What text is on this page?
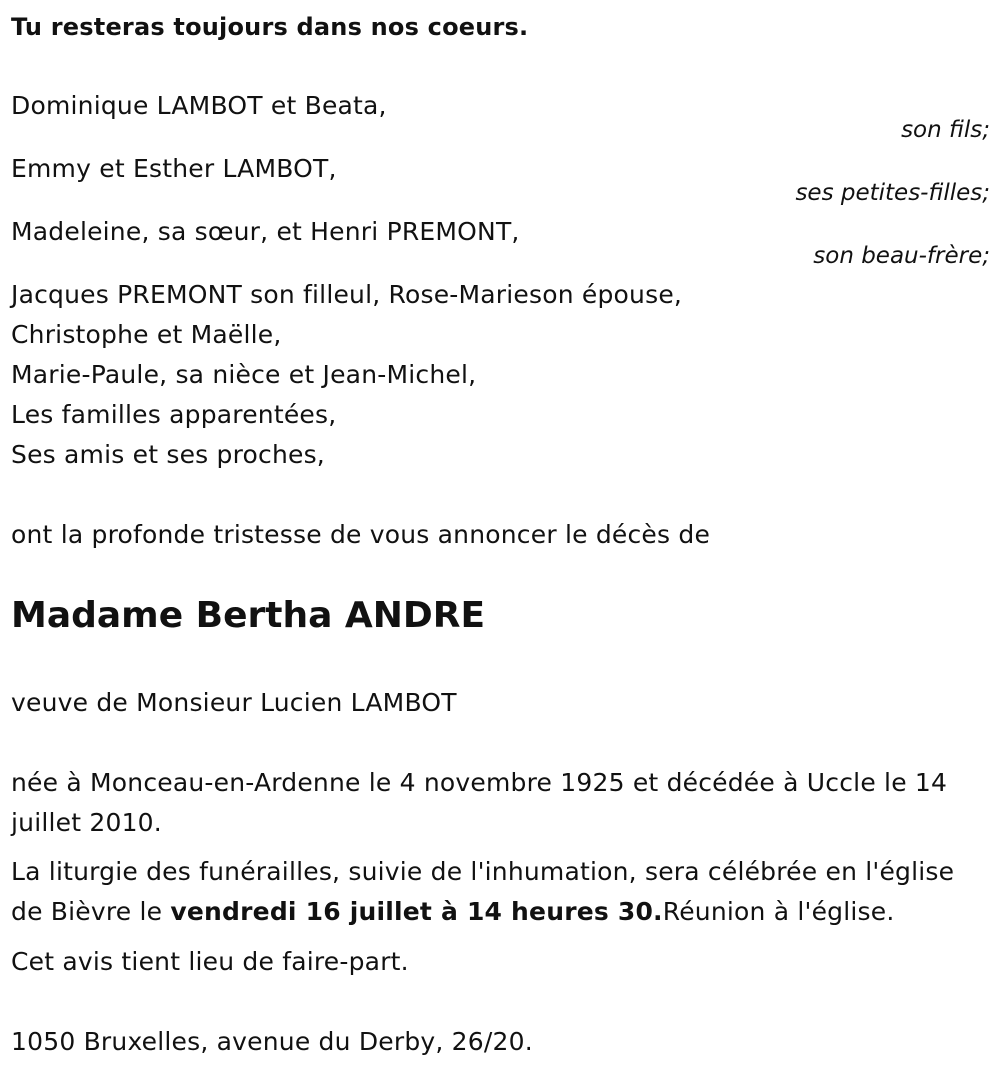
Tu resteras toujours dans nos coeurs.
Dominique LAMBOT et Beata,
son fils;
Emmy et Esther LAMBOT,
ses petites-filles;
Madeleine, sa sœur, et Henri PREMONT,
son beau-frère;
Jacques PREMONT son filleul, Rose-Marieson épouse,
Christophe et Maëlle,
Marie-Paule, sa nièce et Jean-Michel,
Les familles apparentées,
Ses amis et ses proches,
ont la profonde tristesse de vous annoncer le décès de
Madame Bertha ANDRE
veuve de Monsieur Lucien LAMBOT
née à Monceau-en-Ardenne le 4 novembre 1925 et décédée à Uccle le 14 juillet 2010.
La liturgie des funérailles, suivie de l'inhumation, sera célébrée en l'église de Bièvre le vendredi 16 juillet à 14 heures 30.Réunion à l'église.
Cet avis tient lieu de faire-part.
1050 Bruxelles, avenue du Derby, 26/20.
